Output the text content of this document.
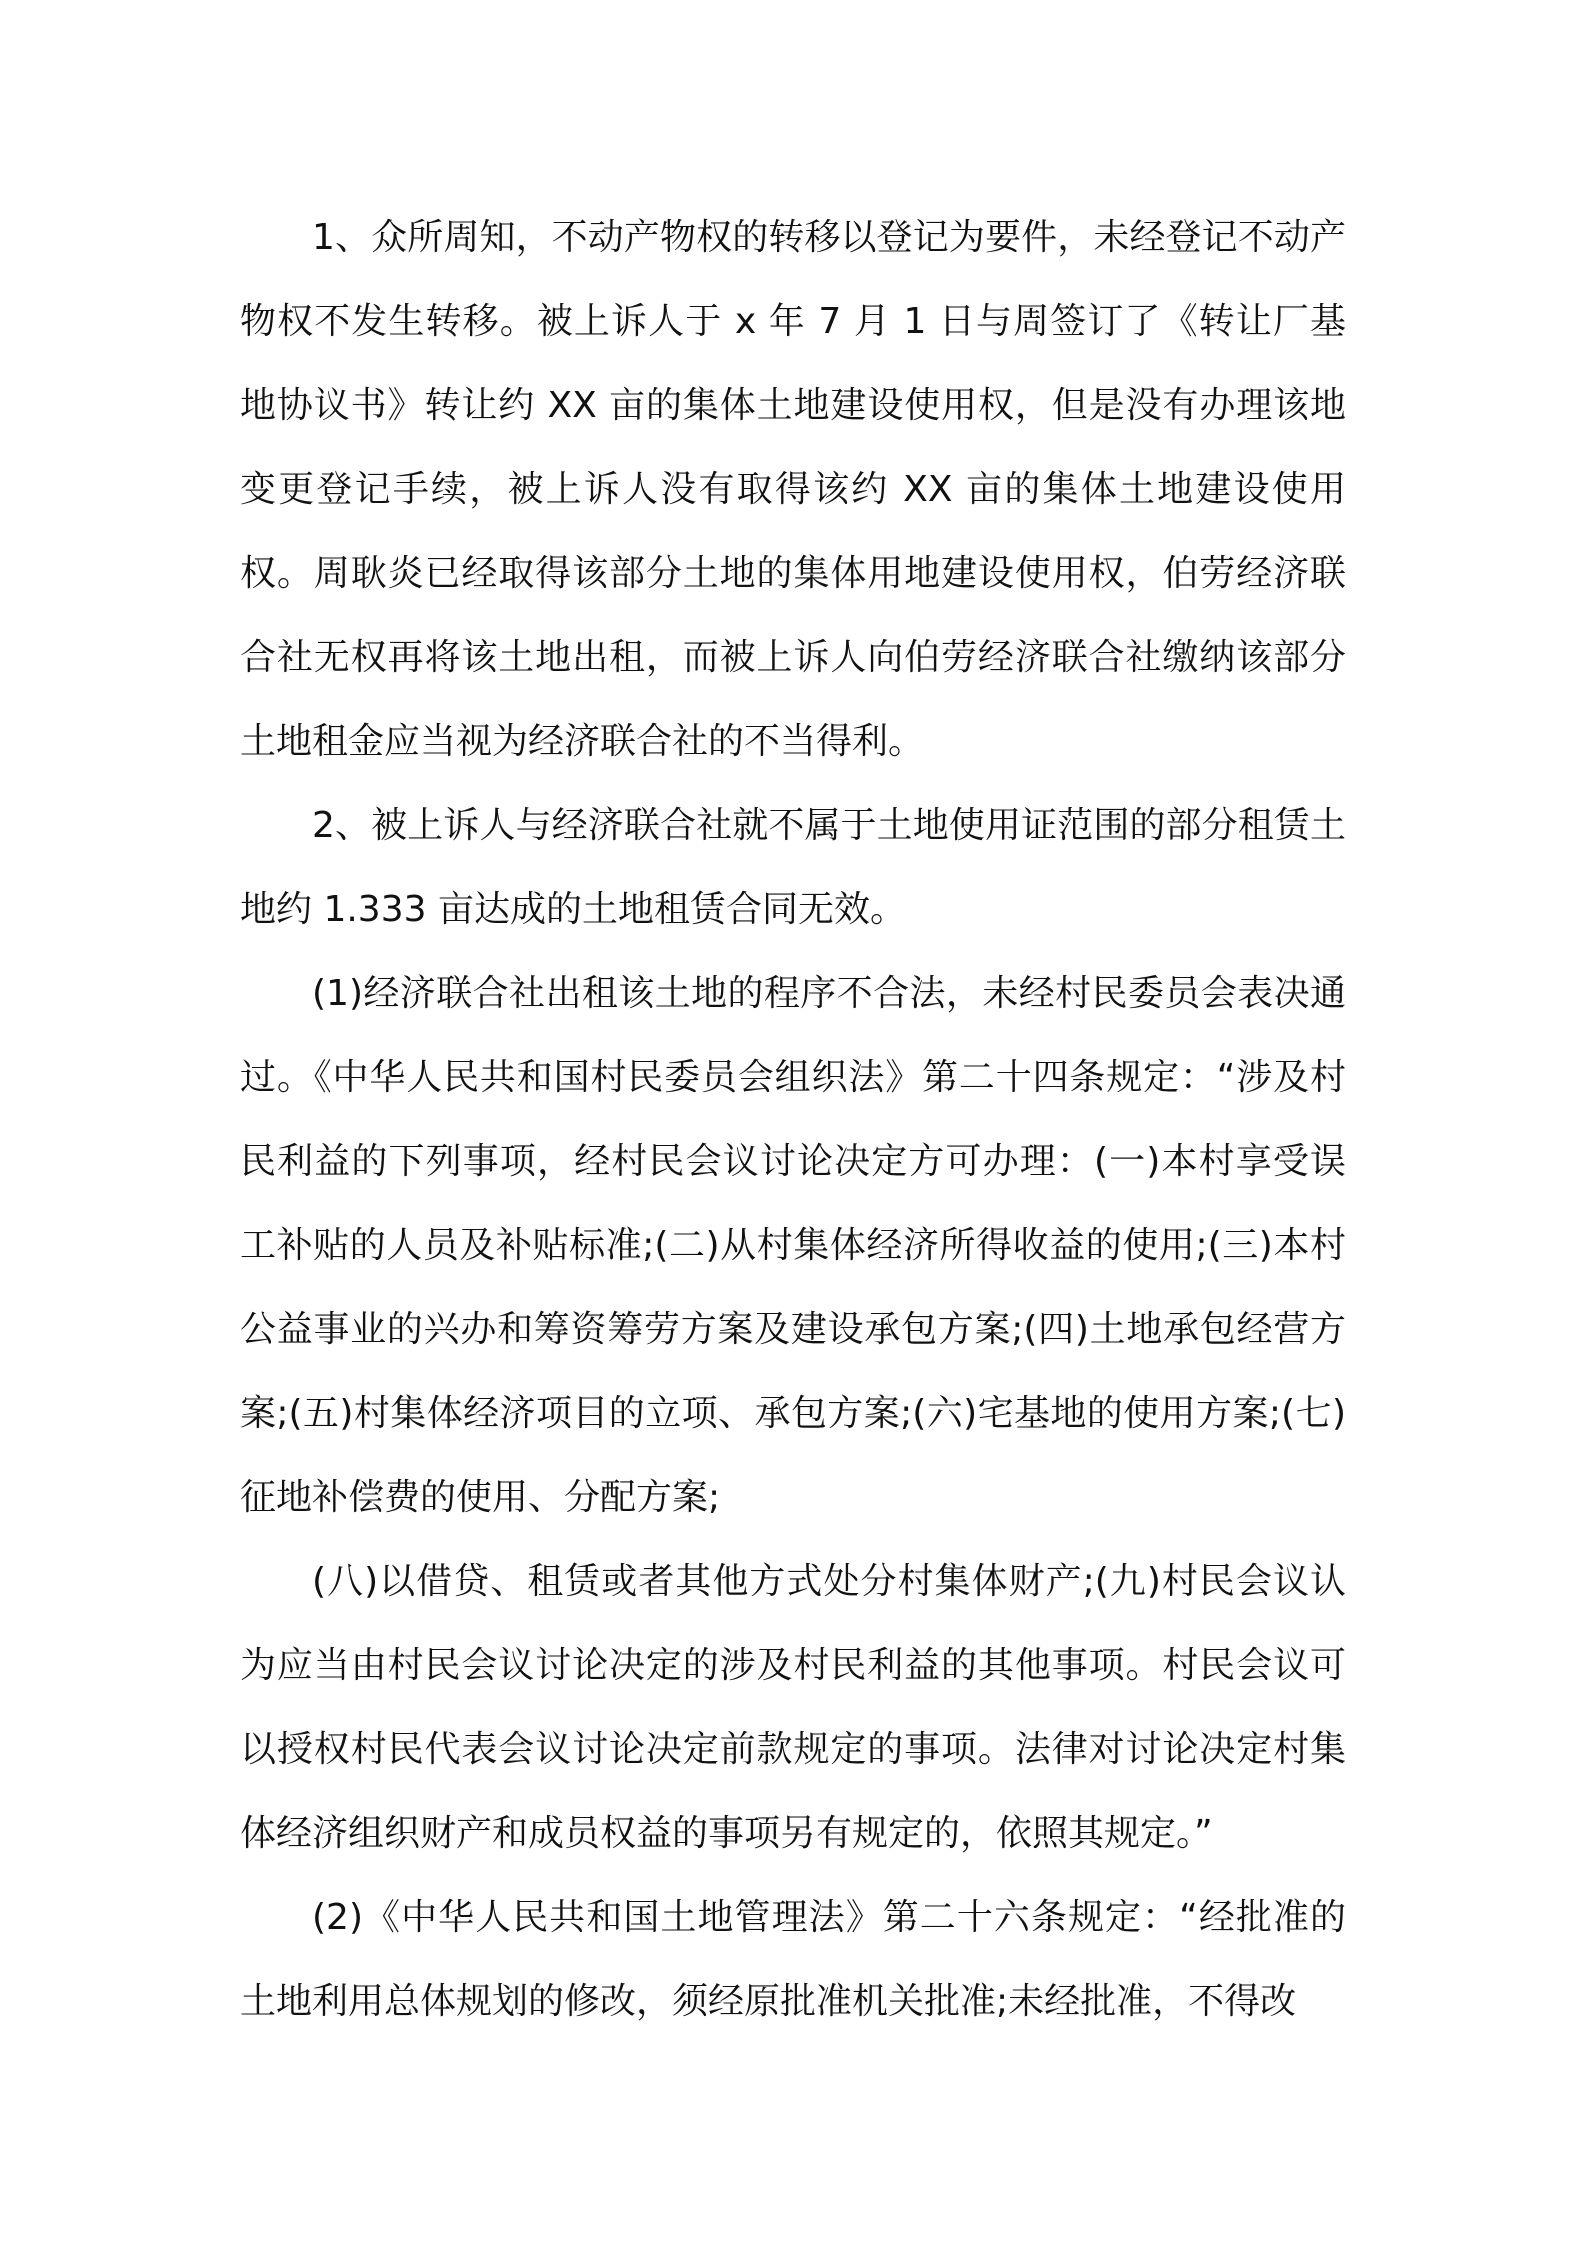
1、众所周知，不动产物权的转移以登记为要件，未经登记不动产物权不发生转移。被上诉人于 x 年 7 月 1 日与周签订了《转让厂基地协议书》转让约 XX 亩的集体土地建设使用权，但是没有办理该地变更登记手续，被上诉人没有取得该约 XX 亩的集体土地建设使用权。周耿炎已经取得该部分土地的集体用地建设使用权，伯劳经济联合社无权再将该土地出租，而被上诉人向伯劳经济联合社缴纳该部分土地租金应当视为经济联合社的不当得利。

2、被上诉人与经济联合社就不属于土地使用证范围的部分租赁土地约 1.333 亩达成的土地租赁合同无效。

(1)经济联合社出租该土地的程序不合法，未经村民委员会表决通过。《中华人民共和国村民委员会组织法》第二十四条规定：“涉及村民利益的下列事项，经村民会议讨论决定方可办理：(一)本村享受误工补贴的人员及补贴标准;(二)从村集体经济所得收益的使用;(三)本村公益事业的兴办和筹资筹劳方案及建设承包方案;(四)土地承包经营方案;(五)村集体经济项目的立项、承包方案;(六)宅基地的使用方案;(七)征地补偿费的使用、分配方案;

(八)以借贷、租赁或者其他方式处分村集体财产;(九)村民会议认为应当由村民会议讨论决定的涉及村民利益的其他事项。村民会议可以授权村民代表会议讨论决定前款规定的事项。法律对讨论决定村集体经济组织财产和成员权益的事项另有规定的，依照其规定。”

(2)《中华人民共和国土地管理法》第二十六条规定：“经批准的土地利用总体规划的修改，须经原批准机关批准;未经批准，不得改
